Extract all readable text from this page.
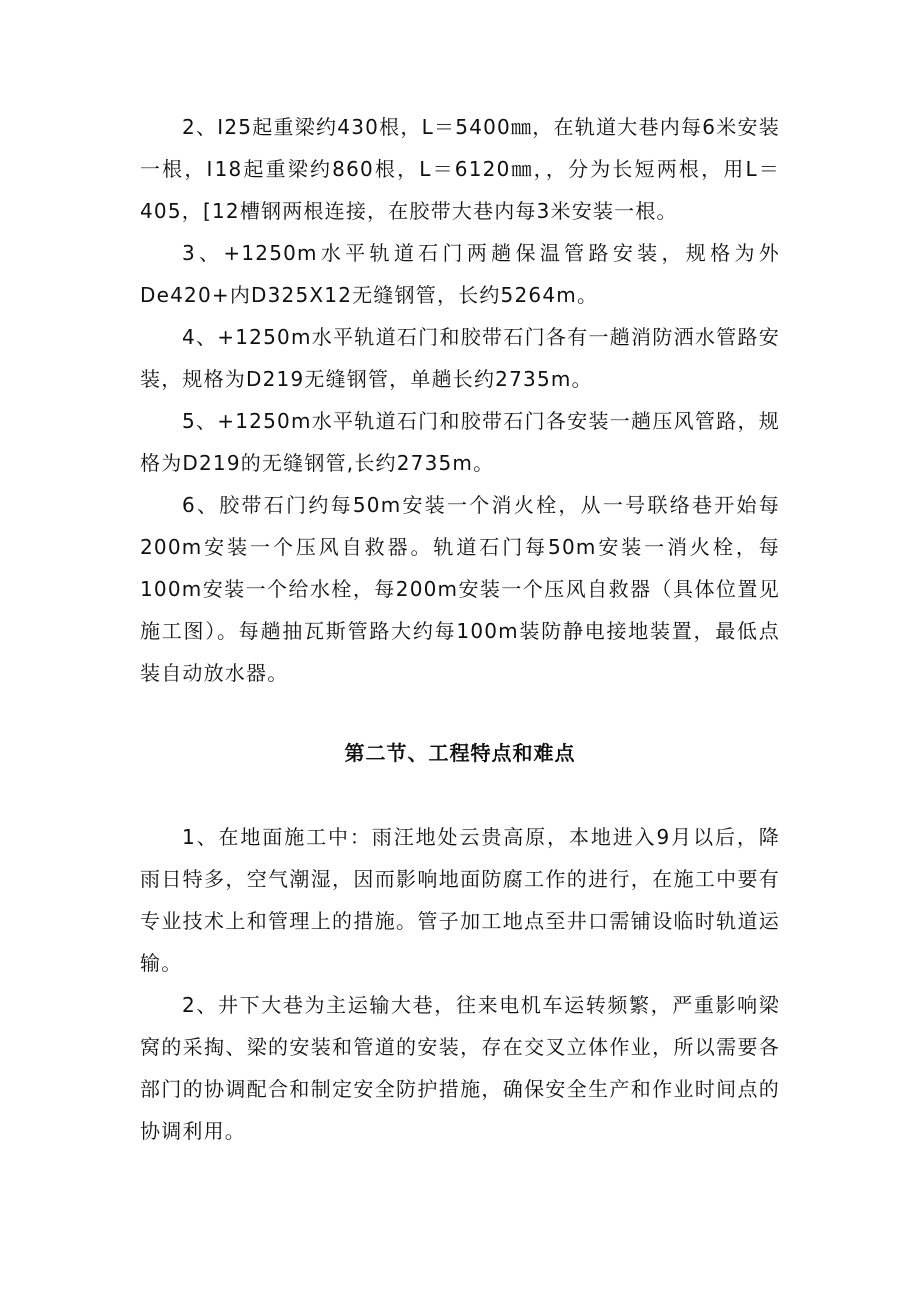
2、Ⅰ25起重梁约430根，L＝5400㎜，在轨道大巷内每6米安装一根，Ⅰ18起重梁约860根，L＝6120㎜，，分为长短两根，用L＝405，[12槽钢两根连接，在胶带大巷内每3米安装一根。

3、+1250m水平轨道石门两趟保温管路安装，规格为外De420+内D325X12无缝钢管，长约5264m。

4、+1250m水平轨道石门和胶带石门各有一趟消防洒水管路安装，规格为D219无缝钢管，单趟长约2735m。

5、+1250m水平轨道石门和胶带石门各安装一趟压风管路，规格为D219的无缝钢管,长约2735m。

6、胶带石门约每50m安装一个消火栓，从一号联络巷开始每200m安装一个压风自救器。轨道石门每50m安装一消火栓，每100m安装一个给水栓，每200m安装一个压风自救器（具体位置见施工图）。每趟抽瓦斯管路大约每100m装防静电接地装置，最低点装自动放水器。

第二节、工程特点和难点

1、在地面施工中：雨汪地处云贵高原，本地进入9月以后，降雨日特多，空气潮湿，因而影响地面防腐工作的进行，在施工中要有专业技术上和管理上的措施。管子加工地点至井口需铺设临时轨道运输。

2、井下大巷为主运输大巷，往来电机车运转频繁，严重影响梁窝的采掏、梁的安装和管道的安装，存在交叉立体作业，所以需要各部门的协调配合和制定安全防护措施，确保安全生产和作业时间点的协调利用。
